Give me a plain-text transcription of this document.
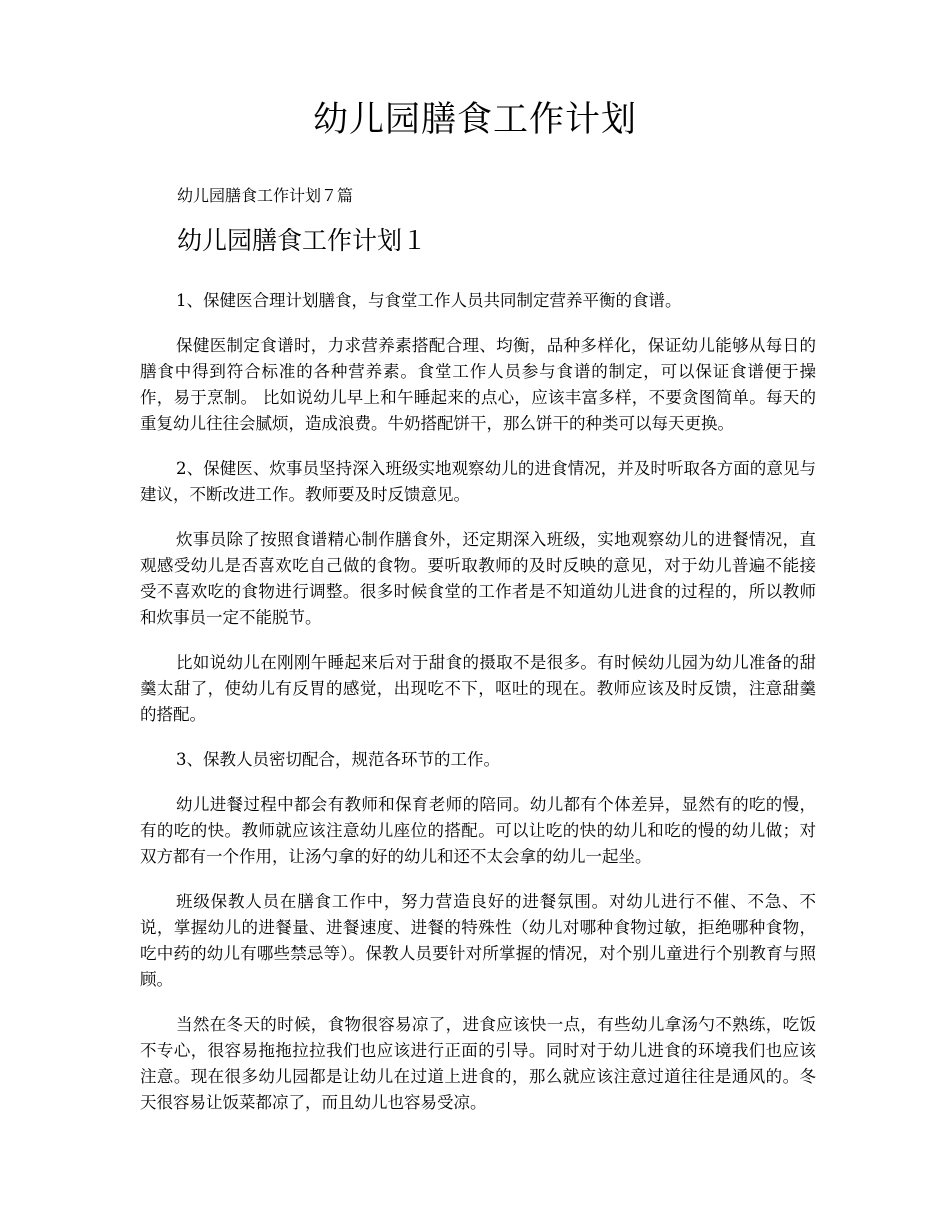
幼儿园膳食工作计划

幼儿园膳食工作计划７篇

幼儿园膳食工作计划１

1、保健医合理计划膳食，与食堂工作人员共同制定营养平衡的食谱。

保健医制定食谱时，力求营养素搭配合理、均衡，品种多样化，保证幼儿能够从每日的膳食中得到符合标准的各种营养素。食堂工作人员参与食谱的制定，可以保证食谱便于操作，易于烹制。 比如说幼儿早上和午睡起来的点心，应该丰富多样，不要贪图简单。每天的重复幼儿往往会腻烦，造成浪费。牛奶搭配饼干，那么饼干的种类可以每天更换。

2、保健医、炊事员坚持深入班级实地观察幼儿的进食情况，并及时听取各方面的意见与建议，不断改进工作。教师要及时反馈意见。

炊事员除了按照食谱精心制作膳食外，还定期深入班级，实地观察幼儿的进餐情况，直观感受幼儿是否喜欢吃自己做的食物。要听取教师的及时反映的意见，对于幼儿普遍不能接受不喜欢吃的食物进行调整。很多时候食堂的工作者是不知道幼儿进食的过程的，所以教师和炊事员一定不能脱节。

比如说幼儿在刚刚午睡起来后对于甜食的摄取不是很多。有时候幼儿园为幼儿准备的甜羹太甜了，使幼儿有反胃的感觉，出现吃不下，呕吐的现在。教师应该及时反馈，注意甜羹的搭配。

3、保教人员密切配合，规范各环节的工作。

幼儿进餐过程中都会有教师和保育老师的陪同。幼儿都有个体差异，显然有的吃的慢，有的吃的快。教师就应该注意幼儿座位的搭配。可以让吃的快的幼儿和吃的慢的幼儿做；对双方都有一个作用，让汤勺拿的好的幼儿和还不太会拿的幼儿一起坐。

班级保教人员在膳食工作中，努力营造良好的进餐氛围。对幼儿进行不催、不急、不说，掌握幼儿的进餐量、进餐速度、进餐的特殊性（幼儿对哪种食物过敏，拒绝哪种食物，吃中药的幼儿有哪些禁忌等）。保教人员要针对所掌握的情况，对个别儿童进行个别教育与照顾。

当然在冬天的时候，食物很容易凉了，进食应该快一点，有些幼儿拿汤勺不熟练，吃饭不专心，很容易拖拖拉拉我们也应该进行正面的引导。同时对于幼儿进食的环境我们也应该注意。现在很多幼儿园都是让幼儿在过道上进食的，那么就应该注意过道往往是通风的。冬天很容易让饭菜都凉了，而且幼儿也容易受凉。
